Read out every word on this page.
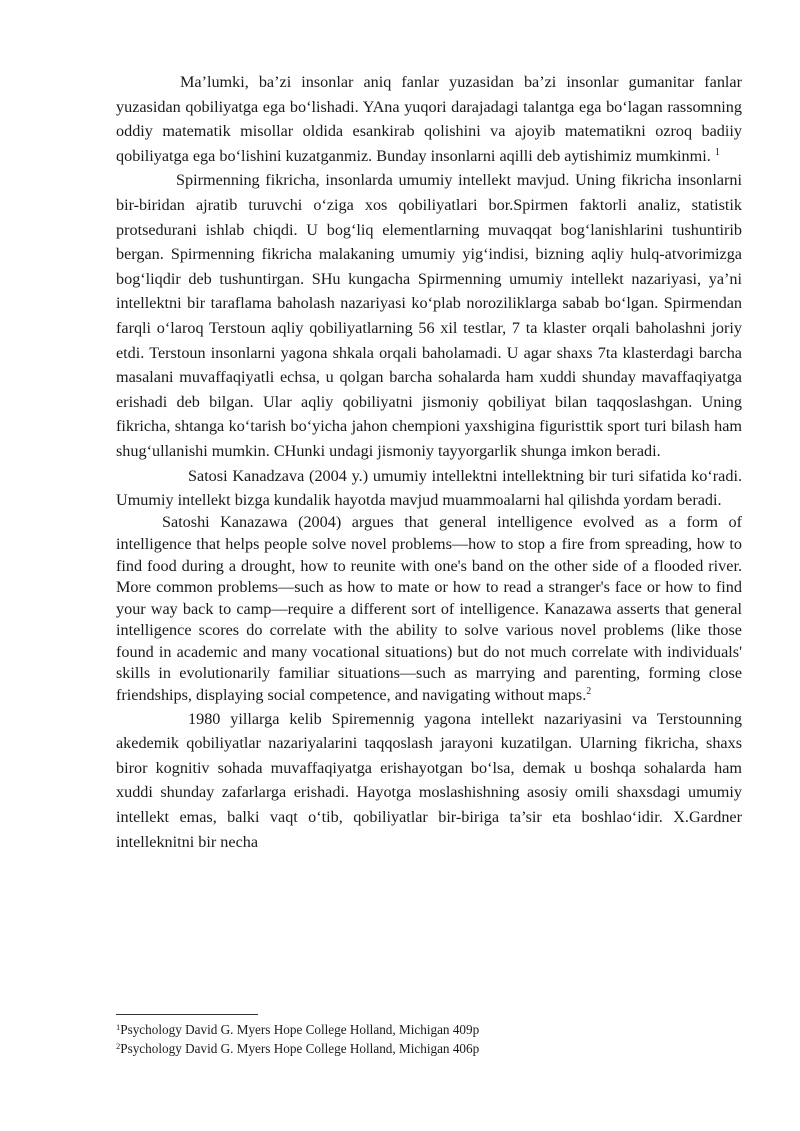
Ma’lumki, ba’zi insonlar aniq fanlar yuzasidan ba’zi insonlar gumanitar fanlar yuzasidan qobiliyatga ega bo‘lishadi. YAna yuqori darajadagi talantga ega bo‘lagan rassomning oddiy matematik misollar oldida esankirab qolishini va ajoyib matematikni ozroq badiiy qobiliyatga ega bo‘lishini kuzatganmiz. Bunday insonlarni aqilli deb aytishimiz mumkinmi. $^1$

Spirmenning fikricha, insonlarda umumiy intellekt mavjud. Uning fikricha insonlarni bir-biridan ajratib turuvchi o‘ziga xos qobiliyatlari bor.Spirmen faktorli analiz, statistik protsedurani ishlab chiqdi. U bog‘liq elementlarning muvaqqat bog‘lanishlarini tushuntirib bergan. Spirmenning fikricha malakaning umumiy yig‘indisi, bizning aqliy hulq-atvorimizga bog‘liqdir deb tushuntirgan. SHu kungacha Spirmenning umumiy intellekt nazariyasi, ya’ni intellektni bir taraflama baholash nazariyasi ko‘plab noroziliklarga sabab bo‘lgan. Spirmendan farqli o‘laroq Terstoun aqliy qobiliyatlarning 56 xil testlar, 7 ta klaster orqali baholashni joriy etdi. Terstoun insonlarni yagona shkala orqali baholamadi. U agar shaxs 7ta klasterdagi barcha masalani muvaffaqiyatli echsa, u qolgan barcha sohalarda ham xuddi shunday mavaffaqiyatga erishadi deb bilgan. Ular aqliy qobiliyatni jismoniy qobiliyat bilan taqqoslashgan. Uning fikricha, shtanga ko‘tarish bo‘yicha jahon chempioni yaxshigina figuristtik sport turi bilash ham shug‘ullanishi mumkin. CHunki undagi jismoniy tayyorgarlik shunga imkon beradi.

Satosi Kanadzava (2004 y.) umumiy intellektni intellektning bir turi sifatida ko‘radi. Umumiy intellekt bizga kundalik hayotda mavjud muammoalarni hal qilishda yordam beradi.

Satoshi Kanazawa (2004) argues that general intelligence evolved as a form of intelligence that helps people solve novel problems—how to stop a fire from spreading, how to find food during a drought, how to reunite with one's band on the other side of a flooded river. More common problems—such as how to mate or how to read a stranger's face or how to find your way back to camp—require a different sort of intelligence. Kanazawa asserts that general intelligence scores do correlate with the ability to solve various novel problems (like those found in academic and many vocational situations) but do not much correlate with individuals' skills in evolutionarily familiar situations—such as marrying and parenting, forming close friendships, displaying social competence, and navigating without maps.$^2$

1980 yillarga kelib Spiremennig yagona intellekt nazariyasini va Terstounning akedemik qobiliyatlar nazariyalarini taqqoslash jarayoni kuzatilgan. Ularning fikricha, shaxs biror kognitiv sohada muvaffaqiyatga erishayotgan bo‘lsa, demak u boshqa sohalarda ham xuddi shunday zafarlarga erishadi. Hayotga moslashishning asosiy omili shaxsdagi umumiy intellekt emas, balki vaqt o‘tib, qobiliyatlar bir-biriga ta’sir eta boshlao‘idir. X.Gardner intelleknitni bir necha

$^1$Psychology David G. Myers Hope College Holland, Michigan 409p

$^2$Psychology David G. Myers Hope College Holland, Michigan 406p
